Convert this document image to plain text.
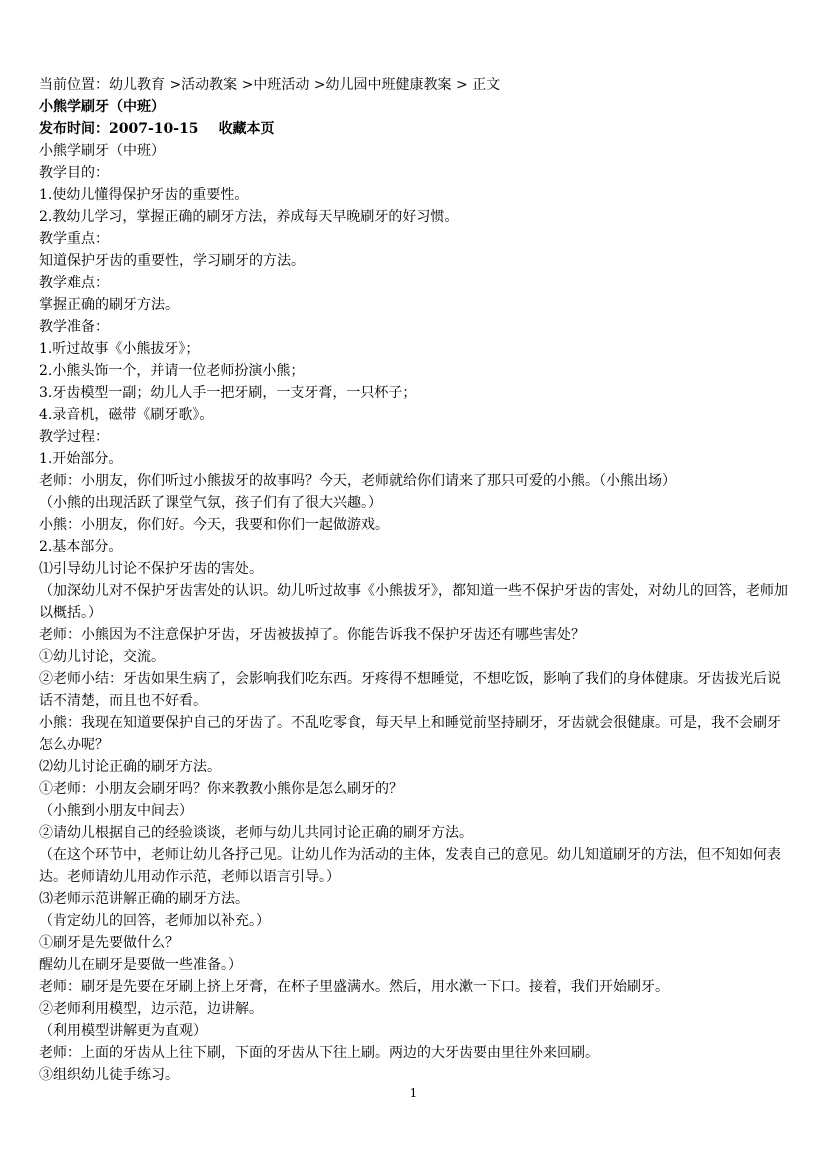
当前位置：幼儿教育 >活动教案 >中班活动 >幼儿园中班健康教案 > 正文

小熊学刷牙（中班）

发布时间：2007-10-15 收藏本页

小熊学刷牙（中班）

教学目的：

1.使幼儿懂得保护牙齿的重要性。

2.教幼儿学习，掌握正确的刷牙方法，养成每天早晚刷牙的好习惯。

教学重点：

知道保护牙齿的重要性，学习刷牙的方法。

教学难点：

掌握正确的刷牙方法。

教学准备：

1.听过故事《小熊拔牙》；

2.小熊头饰一个，并请一位老师扮演小熊；

3.牙齿模型一副；幼儿人手一把牙刷，一支牙膏，一只杯子；

4.录音机，磁带《刷牙歌》。

教学过程：

1.开始部分。

老师：小朋友，你们听过小熊拔牙的故事吗？今天，老师就给你们请来了那只可爱的小熊。（小熊出场）

（小熊的出现活跃了课堂气氛，孩子们有了很大兴趣。）

小熊：小朋友，你们好。今天，我要和你们一起做游戏。

2.基本部分。

⑴引导幼儿讨论不保护牙齿的害处。

（加深幼儿对不保护牙齿害处的认识。幼儿听过故事《小熊拔牙》，都知道一些不保护牙齿的害处，对幼儿的回答，老师加以概括。）

老师：小熊因为不注意保护牙齿，牙齿被拔掉了。你能告诉我不保护牙齿还有哪些害处？

①幼儿讨论，交流。

②老师小结：牙齿如果生病了，会影响我们吃东西。牙疼得不想睡觉，不想吃饭，影响了我们的身体健康。牙齿拔光后说话不清楚，而且也不好看。

小熊：我现在知道要保护自己的牙齿了。不乱吃零食，每天早上和睡觉前坚持刷牙，牙齿就会很健康。可是，我不会刷牙怎么办呢？

⑵幼儿讨论正确的刷牙方法。

①老师：小朋友会刷牙吗？你来教教小熊你是怎么刷牙的？

（小熊到小朋友中间去）

②请幼儿根据自己的经验谈谈，老师与幼儿共同讨论正确的刷牙方法。

（在这个环节中，老师让幼儿各抒己见。让幼儿作为活动的主体，发表自己的意见。幼儿知道刷牙的方法，但不知如何表达。老师请幼儿用动作示范，老师以语言引导。）

⑶老师示范讲解正确的刷牙方法。

（肯定幼儿的回答，老师加以补充。）

①刷牙是先要做什么？

醒幼儿在刷牙是要做一些准备。）

老师：刷牙是先要在牙刷上挤上牙膏，在杯子里盛满水。然后，用水漱一下口。接着，我们开始刷牙。

②老师利用模型，边示范，边讲解。

（利用模型讲解更为直观）

老师：上面的牙齿从上往下刷，下面的牙齿从下往上刷。两边的大牙齿要由里往外来回刷。

③组织幼儿徒手练习。

1
